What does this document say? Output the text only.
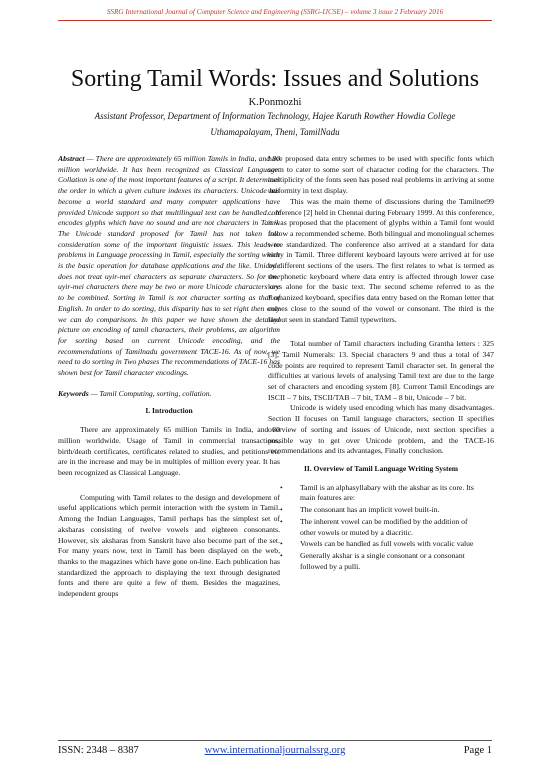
SSRG International Journal of Computer Science and Engineering (SSRG-IJCSE) – volume 3 issue 2 February 2016
Sorting Tamil Words: Issues and Solutions
K.Ponmozhi
Assistant Professor, Department of Information Technology, Hajee Karuth Rowther Howdia College
Uthamapalayam, Theni, TamilNadu

Abstract — There are approximately 65 million Tamils in India, and 80 million worldwide. It has been recognized as Classical Language. Collation is one of the most important features of a script. It determines the order in which a given culture indexes its characters. Unicode has become a world standard and many computer applications have provided Unicode support so that multilingual text can be handled. . It encodes glyphs which have no sound and are not characters in Tamil. The Unicode standard proposed for Tamil has not taken into consideration some of the important linguistic issues. This leads to problems in Language processing in Tamil, especially the sorting which is the basic operation for database applications and the like. Unicode does not treat uyir-mei characters as separate characters. So for one uyir-mei characters there may be two or more Unicode characters are to be combined. Sorting in Tamil is not character sorting as that of English. In order to do sorting, this disparity has to set right then only we can do comparisons. In this paper we have shown the detailed picture on encoding of tamil characters, their problems, an algorithm for sorting based on current Unicode encoding, and the recommendations of Tamilnadu government TACE-16. As of now, we need to do sorting in Two phases The recommendations of TACE-16 has shown best for Tamil character encodings.

Keywords — Tamil Computing, sorting, collation.

I. Introduction

There are approximately 65 million Tamils in India, and 80 million worldwide. Usage of Tamil in commercial transactions, birth/death certificates, certificates related to studies, and petitions etc are in the increase and may be in multiples of million every year. It has been recognized as Classical Language.

Computing with Tamil relates to the design and development of useful applications which permit interaction with the system in Tamil. Among the Indian Languages, Tamil perhaps has the simplest set of aksharas consisting of twelve vowels and eighteen consonants. However, six aksharas from Sanskrit have also become part of the set. For many years now, text in Tamil has been displayed on the web, thanks to the magazines which have gone on-line. Each publication has standardized the approach to displaying the text through designated fonts and there are quite a few of them. Besides the magazines, independent groups

have proposed data entry schemes to be used with specific fonts which seem to cater to some sort of character coding for the characters. The multiplicity of the fonts seen has posed real problems in arriving at some uniformity in text display.

This was the main theme of discussions during the Tamilnet99 conference [2] held in Chennai during February 1999. At this conference, it was proposed that the placement of glyphs within a Tamil font would follow a recommended scheme. Both bilingual and monolingual schemes were standardized. The conference also arrived at a standard for data entry in Tamil. Three different keyboard layouts were arrived at for use by different sections of the users. The first relates to what is termed as the phonetic keyboard where data entry is affected through lower case keys alone for the basic text. The second scheme referred to as the Romanized keyboard, specifies data entry based on the Roman letter that comes close to the sound of the vowel or consonant. The third is the layout seen in standard Tamil typewriters.

Total number of Tamil characters including Grantha letters : 325 [3], Tamil Numerals: 13. Special characters 9 and thus a total of 347 code points are required to represent Tamil character set. In general the difficulties at various levels of analysing Tamil text are due to the large set of characters and encoding system [8]. Current Tamil Encodings are ISCII – 7 bits, TSCII/TAB – 7 bit, TAM – 8 bit, Unicode – 7 bit.

Unicode is widely used encoding which has many disadvantages. Section II focuses on Tamil language characters, section II specifies overview of sorting and issues of Unicode, next section specifies a possible way to get over Unicode problem, and the TACE-16 recommendations and its advantages, Finally conclusion.

II. Overview of Tamil Language Writing System
• Tamil is an alphasyllabary with the akshar as its core. Its main features are:
• The consonant has an implicit vowel built-in.
• The inherent vowel can be modified by the addition of other vowels or muted by a diacritic.
• Vowels can be handled as full vowels with vocalic value
• Generally akshar is a single consonant or a consonant followed by a pulli.
ISSN: 2348 – 8387	www.internationaljournalssrg.org	Page 1
